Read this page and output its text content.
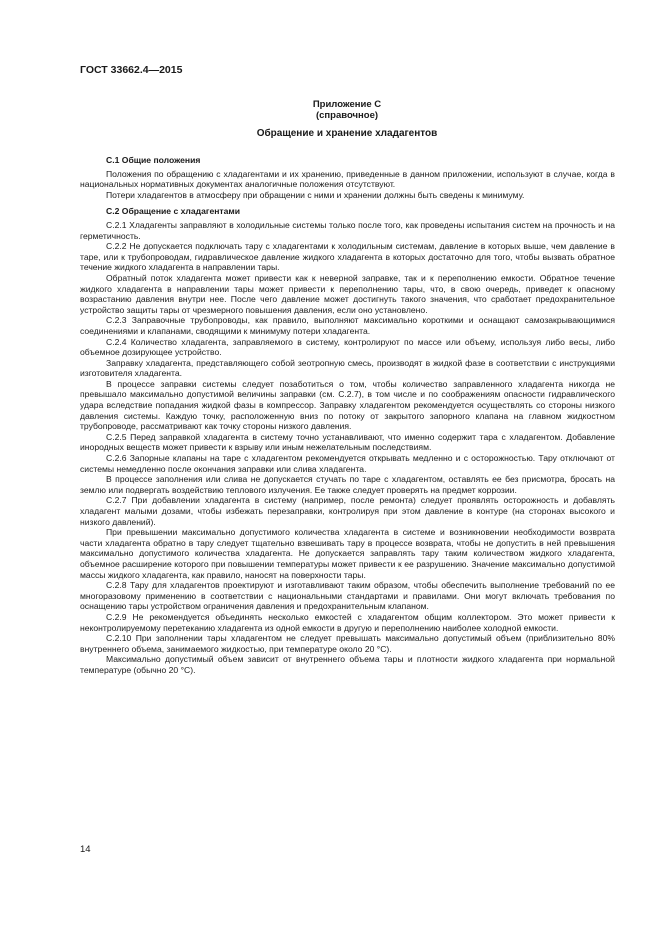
ГОСТ 33662.4—2015
Приложение С
(справочное)
Обращение и хранение хладагентов
С.1 Общие положения

Положения по обращению с хладагентами и их хранению, приведенные в данном приложении, используют в случае, когда в национальных нормативных документах аналогичные положения отсутствуют.

Потери хладагентов в атмосферу при обращении с ними и хранении должны быть сведены к минимуму.

С.2 Обращение с хладагентами

С.2.1 Хладагенты заправляют в холодильные системы только после того, как проведены испытания систем на прочность и на герметичность.

С.2.2 Не допускается подключать тару с хладагентами к холодильным системам, давление в которых выше, чем давление в таре, или к трубопроводам, гидравлическое давление жидкого хладагента в которых достаточно для того, чтобы вызвать обратное течение жидкого хладагента в направлении тары.

Обратный поток хладагента может привести как к неверной заправке, так и к переполнению емкости. Обратное течение жидкого хладагента в направлении тары может привести к переполнению тары, что, в свою очередь, приведет к опасному возрастанию давления внутри нее. После чего давление может достигнуть такого значения, что сработает предохранительное устройство защиты тары от чрезмерного повышения давления, если оно установлено.

С.2.3 Заправочные трубопроводы, как правило, выполняют максимально короткими и оснащают самозакрывающимися соединениями и клапанами, сводящими к минимуму потери хладагента.

С.2.4 Количество хладагента, заправляемого в систему, контролируют по массе или объему, используя либо весы, либо объемное дозирующее устройство.

Заправку хладагента, представляющего собой зеотропную смесь, производят в жидкой фазе в соответствии с инструкциями изготовителя хладагента.

В процессе заправки системы следует позаботиться о том, чтобы количество заправленного хладагента никогда не превышало максимально допустимой величины заправки (см. С.2.7), в том числе и по соображениям опасности гидравлического удара вследствие попадания жидкой фазы в компрессор. Заправку хладагентом рекомендуется осуществлять со стороны низкого давления системы. Каждую точку, расположенную вниз по потоку от закрытого запорного клапана на главном жидкостном трубопроводе, рассматривают как точку стороны низкого давления.

С.2.5 Перед заправкой хладагента в систему точно устанавливают, что именно содержит тара с хладагентом. Добавление инородных веществ может привести к взрыву или иным нежелательным последствиям.

С.2.6 Запорные клапаны на таре с хладагентом рекомендуется открывать медленно и с осторожностью. Тару отключают от системы немедленно после окончания заправки или слива хладагента.

В процессе заполнения или слива не допускается стучать по таре с хладагентом, оставлять ее без присмотра, бросать на землю или подвергать воздействию теплового излучения. Ее также следует проверять на предмет коррозии.

С.2.7 При добавлении хладагента в систему (например, после ремонта) следует проявлять осторожность и добавлять хладагент малыми дозами, чтобы избежать перезаправки, контролируя при этом давление в контуре (на сторонах высокого и низкого давлений).

При превышении максимально допустимого количества хладагента в системе и возникновении необходимости возврата части хладагента обратно в тару следует тщательно взвешивать тару в процессе возврата, чтобы не допустить в ней превышения максимально допустимого количества хладагента. Не допускается заправлять тару таким количеством жидкого хладагента, объемное расширение которого при повышении температуры может привести к ее разрушению. Значение максимально допустимой массы жидкого хладагента, как правило, наносят на поверхности тары.

С.2.8 Тару для хладагентов проектируют и изготавливают таким образом, чтобы обеспечить выполнение требований по ее многоразовому применению в соответствии с национальными стандартами и правилами. Они могут включать требования по оснащению тары устройством ограничения давления и предохранительным клапаном.

С.2.9 Не рекомендуется объединять несколько емкостей с хладагентом общим коллектором. Это может привести к неконтролируемому перетеканию хладагента из одной емкости в другую и переполнению наиболее холодной емкости.

С.2.10 При заполнении тары хладагентом не следует превышать максимально допустимый объем (приблизительно 80% внутреннего объема, занимаемого жидкостью, при температуре около 20 °С).

Максимально допустимый объем зависит от внутреннего объема тары и плотности жидкого хладагента при нормальной температуре (обычно 20 °С).

14
